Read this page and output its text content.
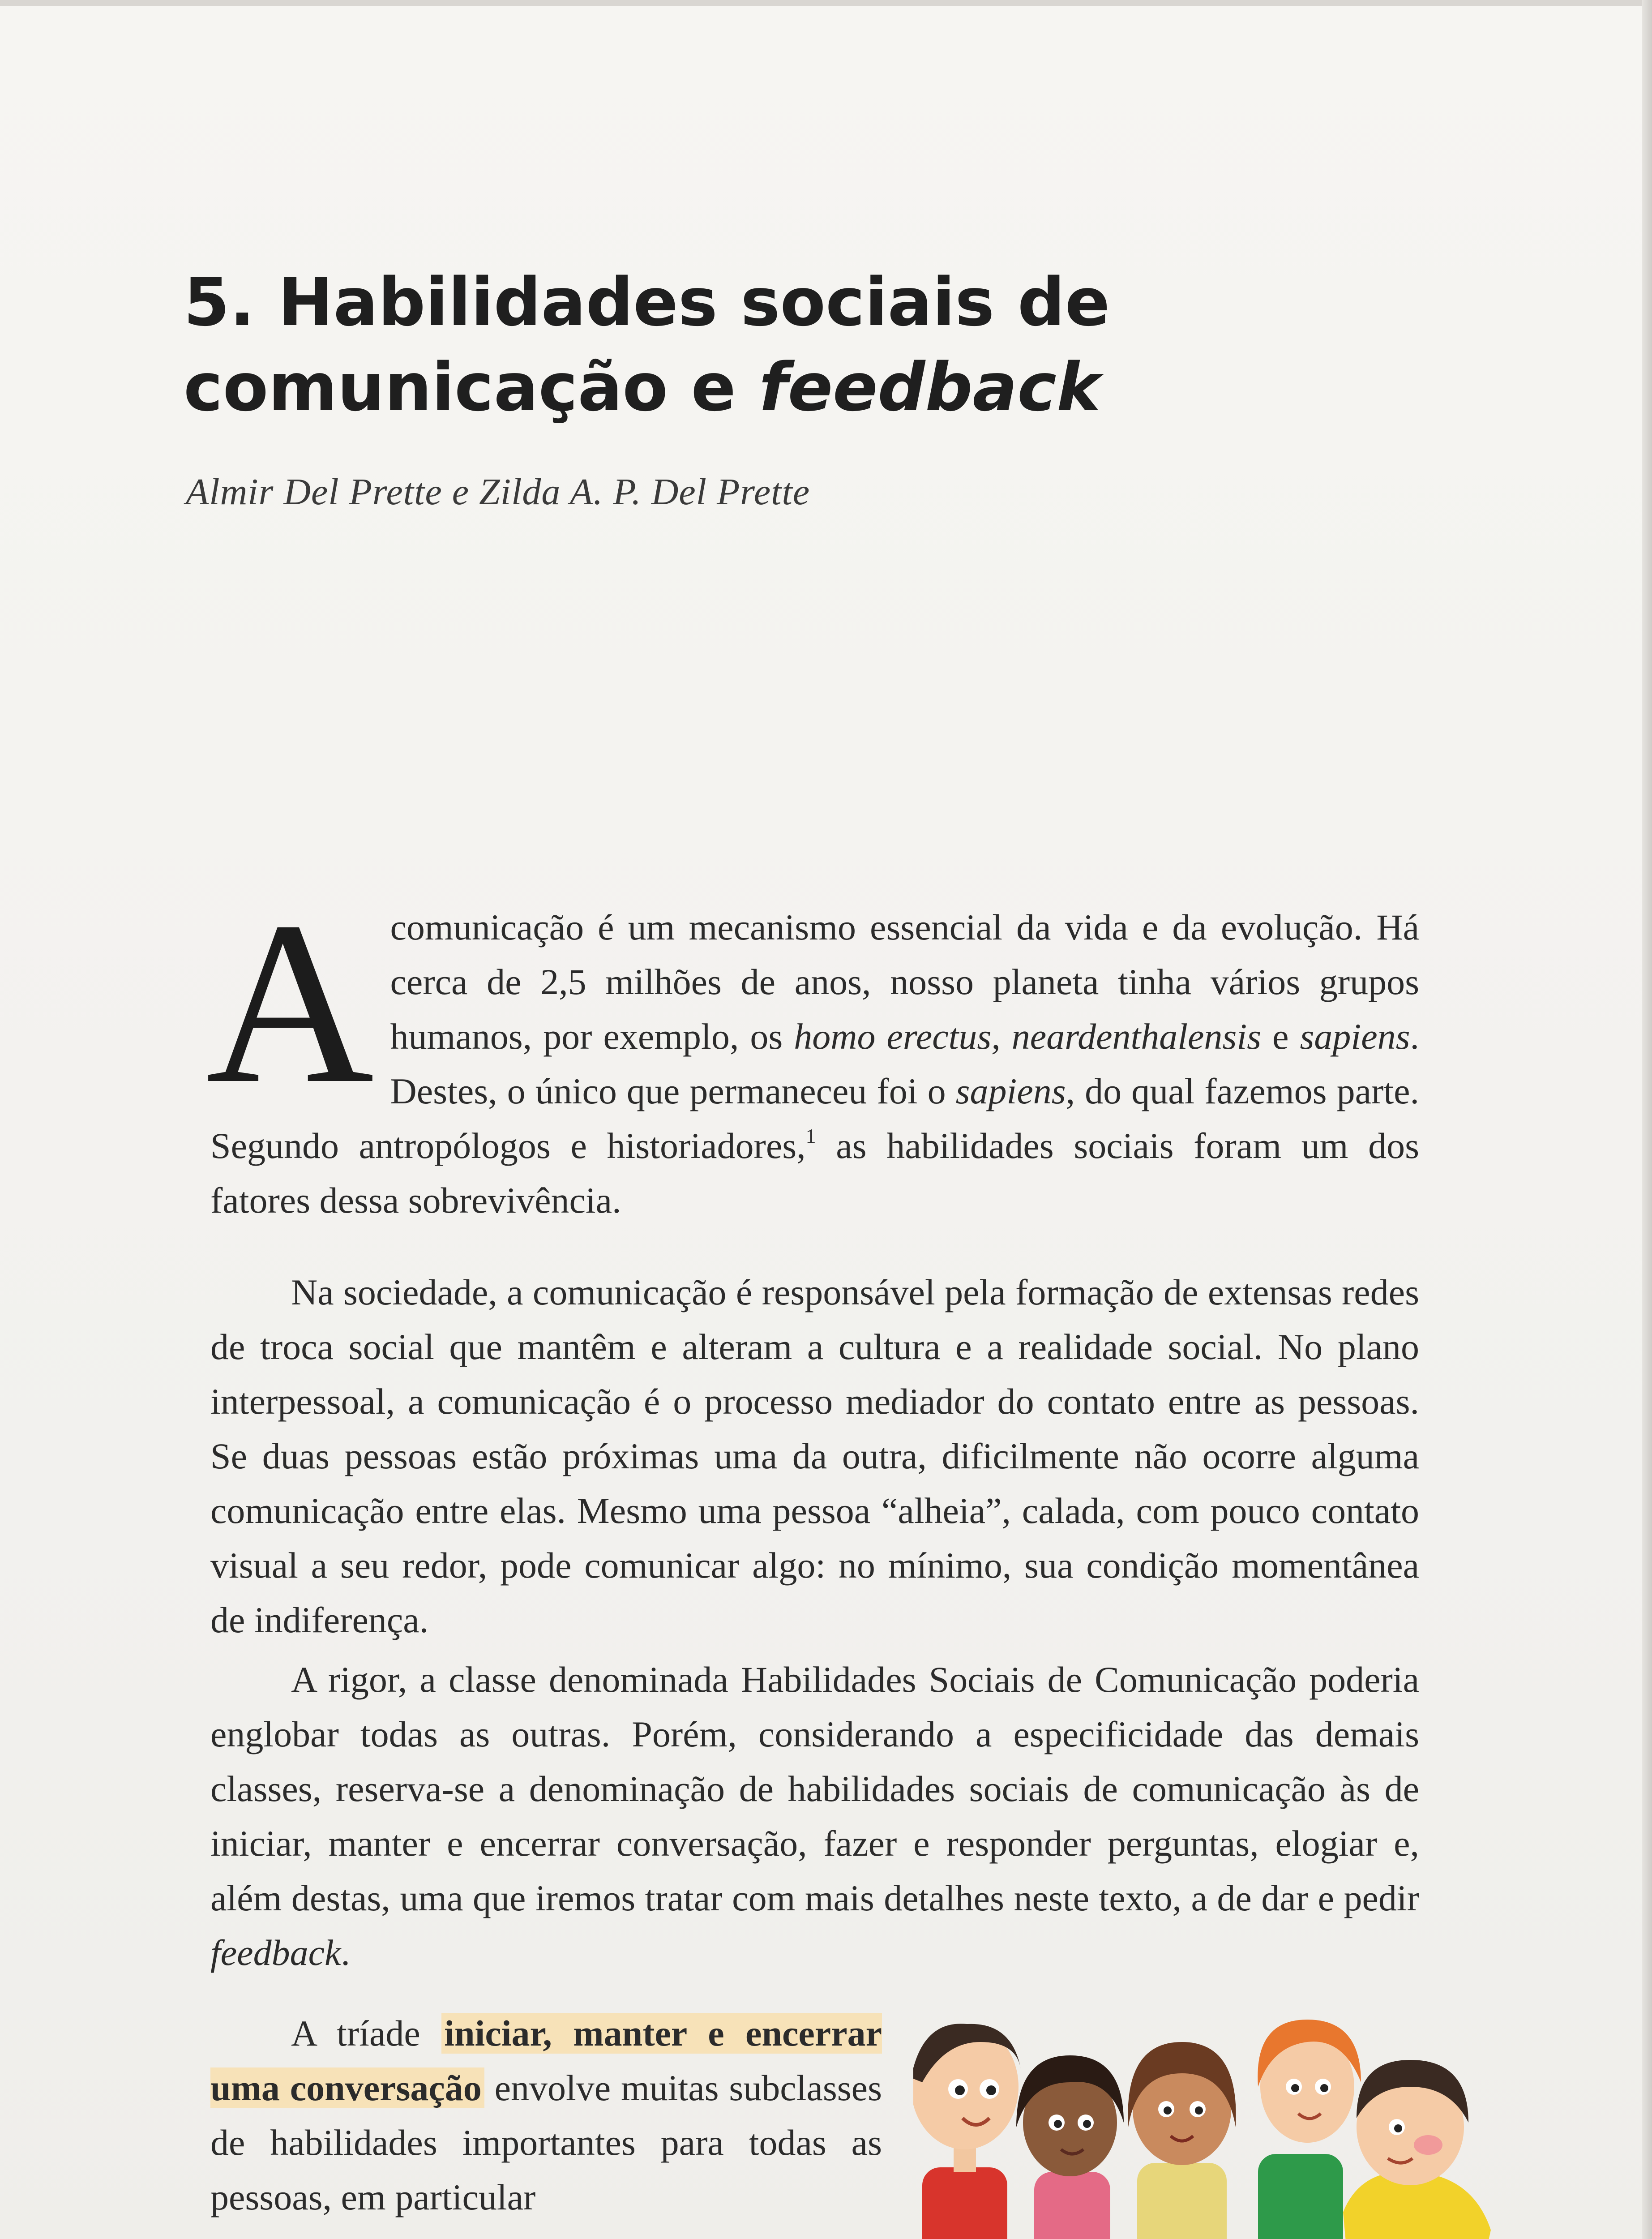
5. Habilidades sociais de
comunicação e feedback
Almir Del Prette e Zilda A. P. Del Prette

Acomunicação é um mecanismo essencial da vida e da evolução. Há cerca de 2,5 milhões de anos, nosso planeta tinha vários grupos humanos, por exemplo, os homo erectus, neardenthalensis e sapiens. Destes, o único que permaneceu foi o sapiens, do qual fazemos parte. Segundo antropólogos e historiadores,$^1$ as habilidades sociais foram um dos fatores dessa sobrevivência.

Na sociedade, a comunicação é responsável pela formação de extensas redes de troca social que mantêm e alteram a cultura e a realidade social. No plano interpessoal, a comunicação é o processo mediador do contato entre as pessoas. Se duas pessoas estão próximas uma da outra, dificilmente não ocorre alguma comunicação entre elas. Mesmo uma pessoa “alheia”, calada, com pouco contato visual a seu redor, pode comunicar algo: no mínimo, sua condição momentânea de indiferença.

A rigor, a classe denominada Habilidades Sociais de Comunicação poderia englobar todas as outras. Porém, considerando a especificidade das demais classes, reserva-se a denominação de habilidades sociais de comunicação às de iniciar, manter e encerrar conversação, fazer e responder perguntas, elogiar e, além destas, uma que iremos tratar com mais detalhes neste texto, a de dar e pedir feedback.

A tríade iniciar, manter e encerrar uma conversação envolve muitas subclasses de habilidades importantes para todas as pessoas, em particular
